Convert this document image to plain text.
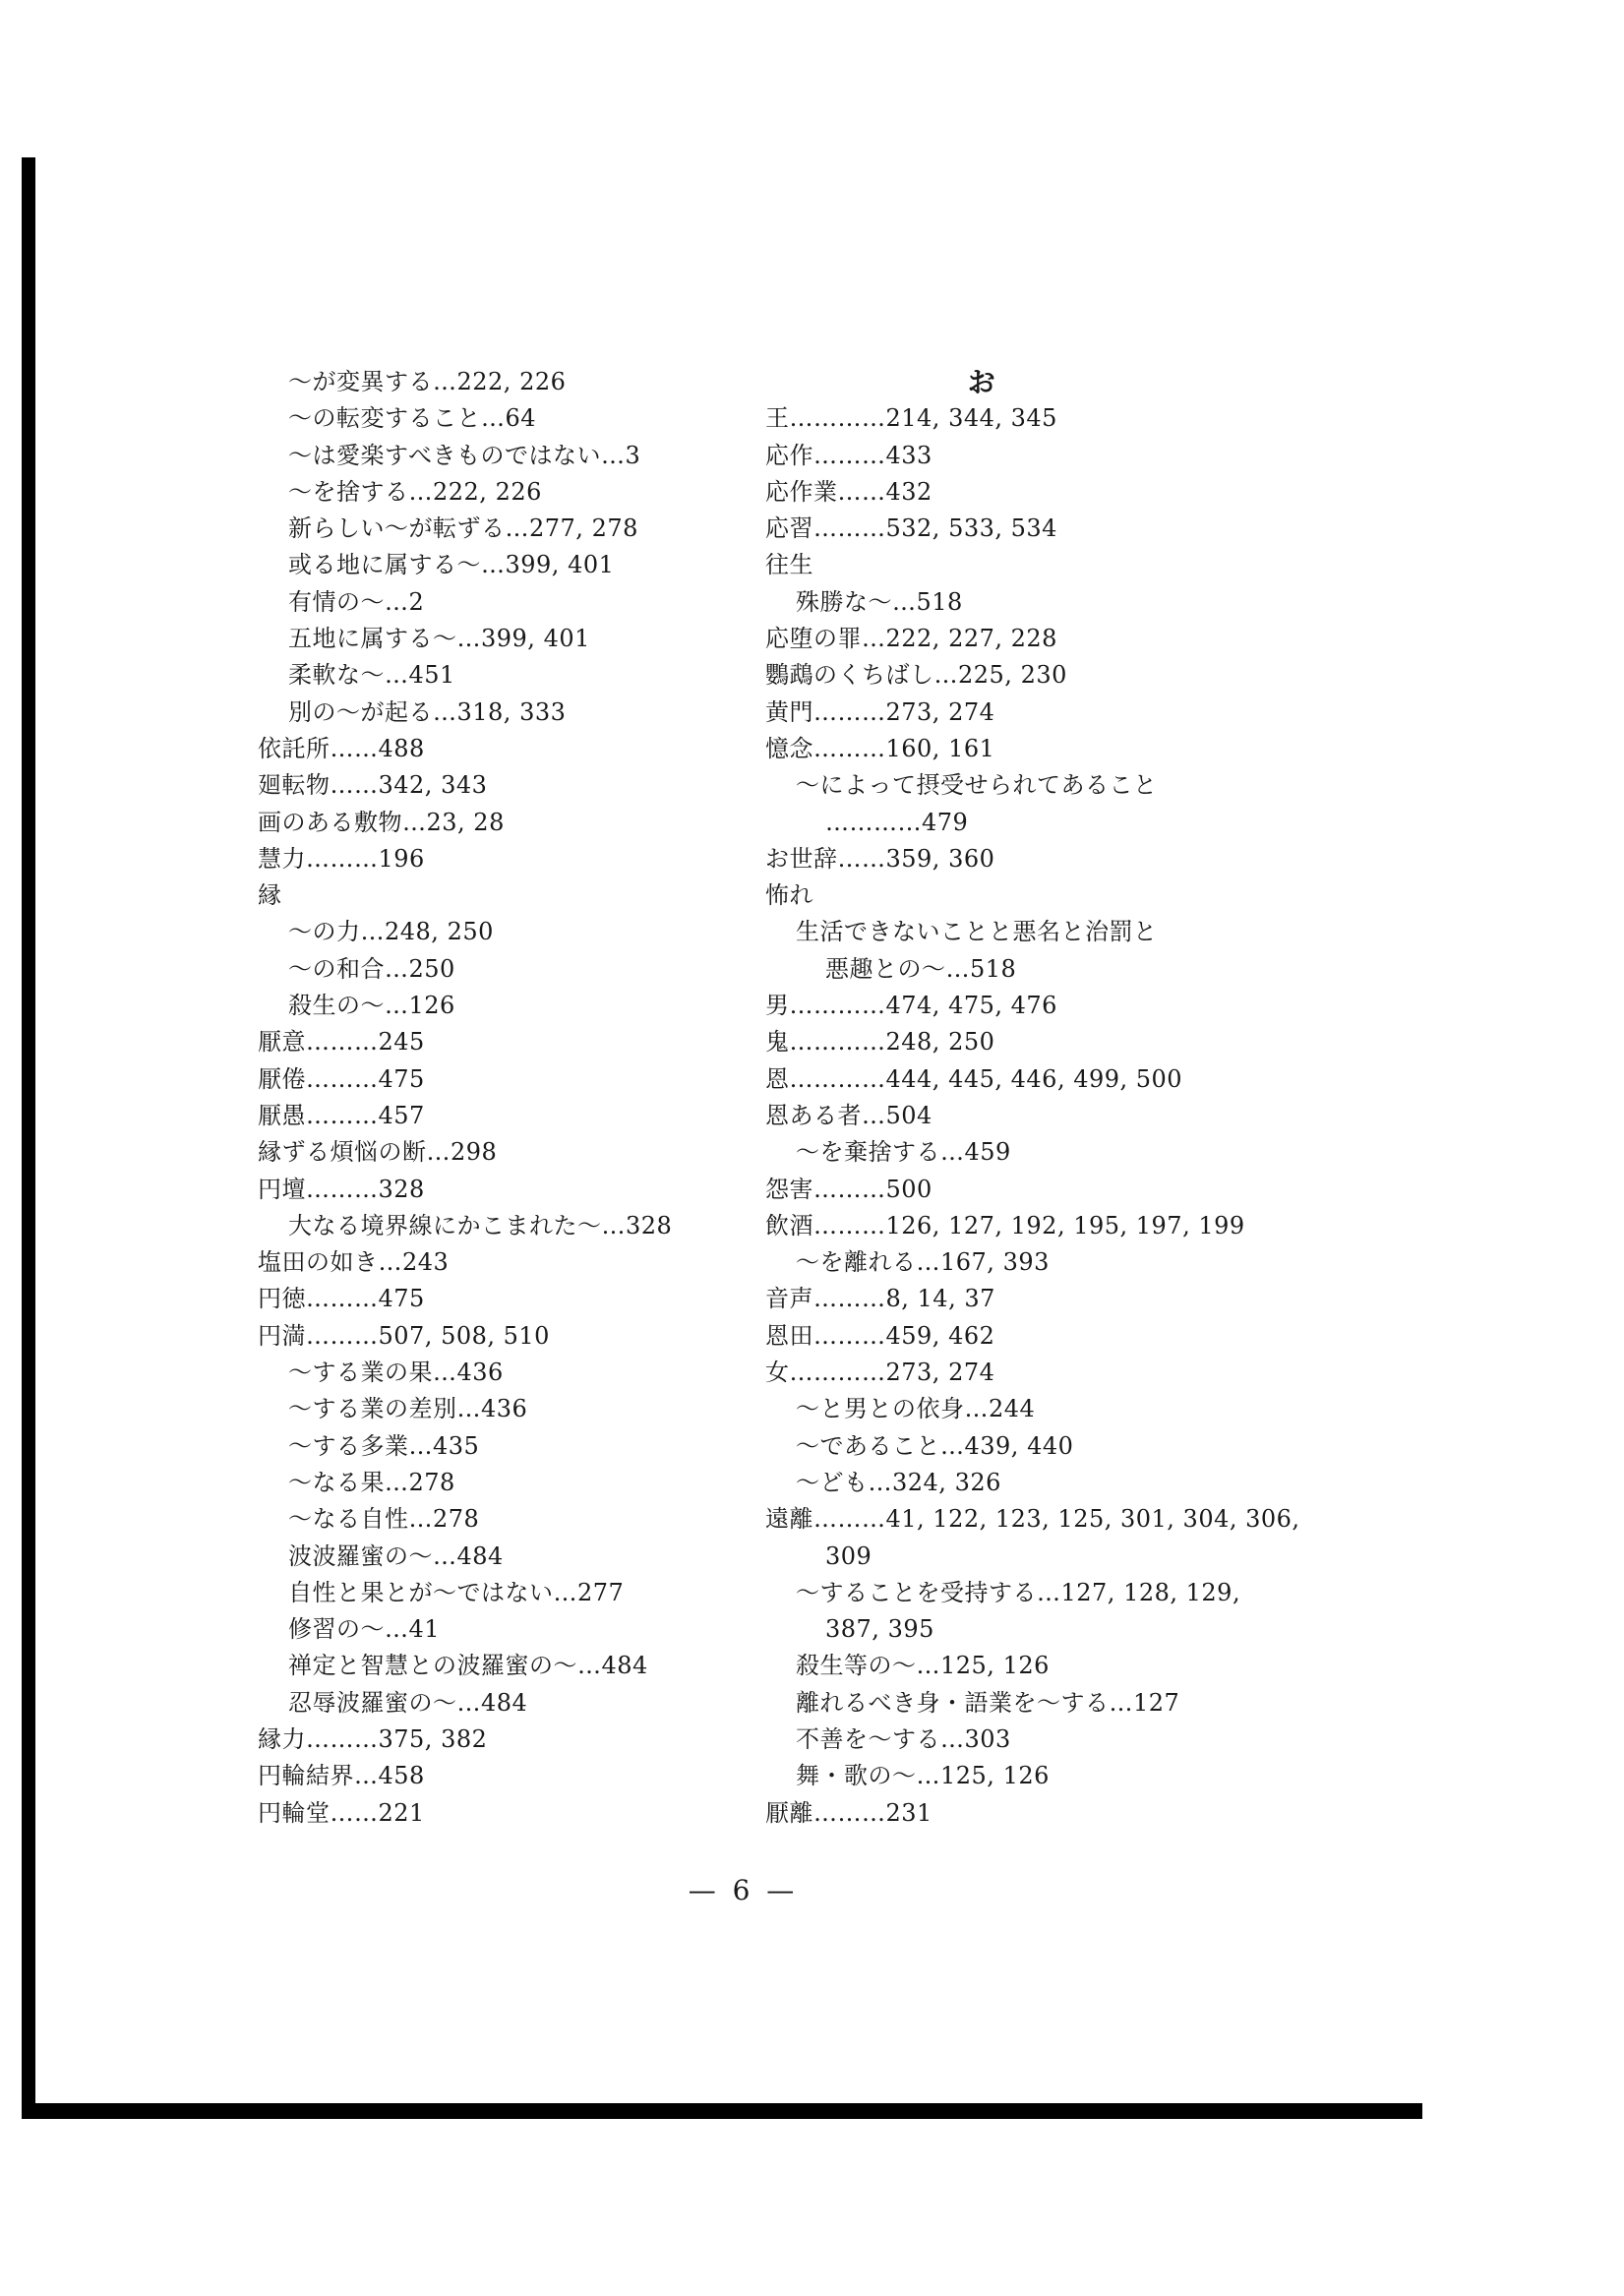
〜が変異する…222, 226
〜の転変すること…64
〜は愛楽すべきものではない…3
〜を捨する…222, 226
新らしい〜が転ずる…277, 278
或る地に属する〜…399, 401
有情の〜…2
五地に属する〜…399, 401
柔軟な〜…451
別の〜が起る…318, 333
依託所……488
廻転物……342, 343
画のある敷物…23, 28
慧力………196
縁
〜の力…248, 250
〜の和合…250
殺生の〜…126
厭意………245
厭倦………475
厭愚………457
縁ずる煩悩の断…298
円壇………328
大なる境界線にかこまれた〜…328
塩田の如き…243
円徳………475
円満………507, 508, 510
〜する業の果…436
〜する業の差別…436
〜する多業…435
〜なる果…278
〜なる自性…278
波波羅蜜の〜…484
自性と果とが〜ではない…277
修習の〜…41
禅定と智慧との波羅蜜の〜…484
忍辱波羅蜜の〜…484
縁力………375, 382
円輪結界…458
円輪堂……221
お
王…………214, 344, 345
応作………433
応作業……432
応習………532, 533, 534
往生
殊勝な〜…518
応堕の罪…222, 227, 228
鸚鵡のくちばし…225, 230
黄門………273, 274
憶念………160, 161
〜によって摂受せられてあること
…………479
お世辞……359, 360
怖れ
生活できないことと悪名と治罰と
悪趣との〜…518
男…………474, 475, 476
鬼…………248, 250
恩…………444, 445, 446, 499, 500
恩ある者…504
〜を棄捨する…459
怨害………500
飲酒………126, 127, 192, 195, 197, 199
〜を離れる…167, 393
音声………8, 14, 37
恩田………459, 462
女…………273, 274
〜と男との依身…244
〜であること…439, 440
〜ども…324, 326
遠離………41, 122, 123, 125, 301, 304, 306,
309
〜することを受持する…127, 128, 129,
387, 395
殺生等の〜…125, 126
離れるべき身・語業を〜する…127
不善を〜する…303
舞・歌の〜…125, 126
厭離………231
— 6 —
